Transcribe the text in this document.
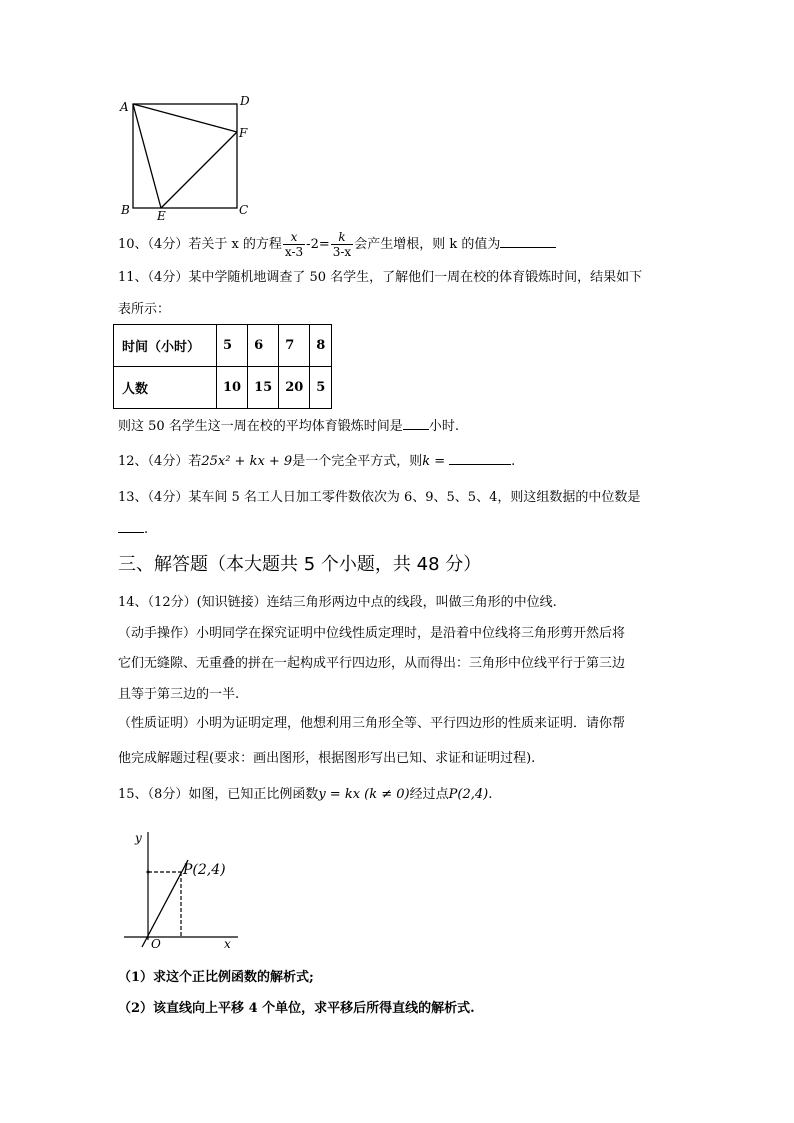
A	D
F
B E	C
10、（4分）若关于 x 的方程 $\frac{x}{x-3} -2= \frac{k}{3-x}$ 会产生增根，则 k 的值为
11、（4分）某中学随机地调查了 50 名学生，了解他们一周在校的体育锻炼时间，结果如下
表所示：
时间（小时）	5	6	7	8
人数	10	15	20	5
则这 50 名学生这一周在校的平均体育锻炼时间是 小时.
12、（4分）若25x² + kx + 9是一个完全平方式，则k =	.
13、（4分）某车间 5 名工人日加工零件数依次为 6、9、5、5、4，则这组数据的中位数是
.
三、解答题（本大题共 5 个小题，共 48 分）
14、（12分）(知识链接）连结三角形两边中点的线段，叫做三角形的中位线.
（动手操作）小明同学在探究证明中位线性质定理时，是沿着中位线将三角形剪开然后将
它们无缝隙、无重叠的拼在一起构成平行四边形，从而得出：三角形中位线平行于第三边
且等于第三边的一半.
（性质证明）小明为证明定理，他想利用三角形全等、平行四边形的性质来证明．请你帮
他完成解题过程(要求：画出图形，根据图形写出已知、求证和证明过程).
15、（8分）如图，已知正比例函数y = kx (k ≠ 0)经过点P(2,4).
y
x
O
P(2,4)
（1）求这个正比例函数的解析式;
（2）该直线向上平移 4 个单位，求平移后所得直线的解析式.
